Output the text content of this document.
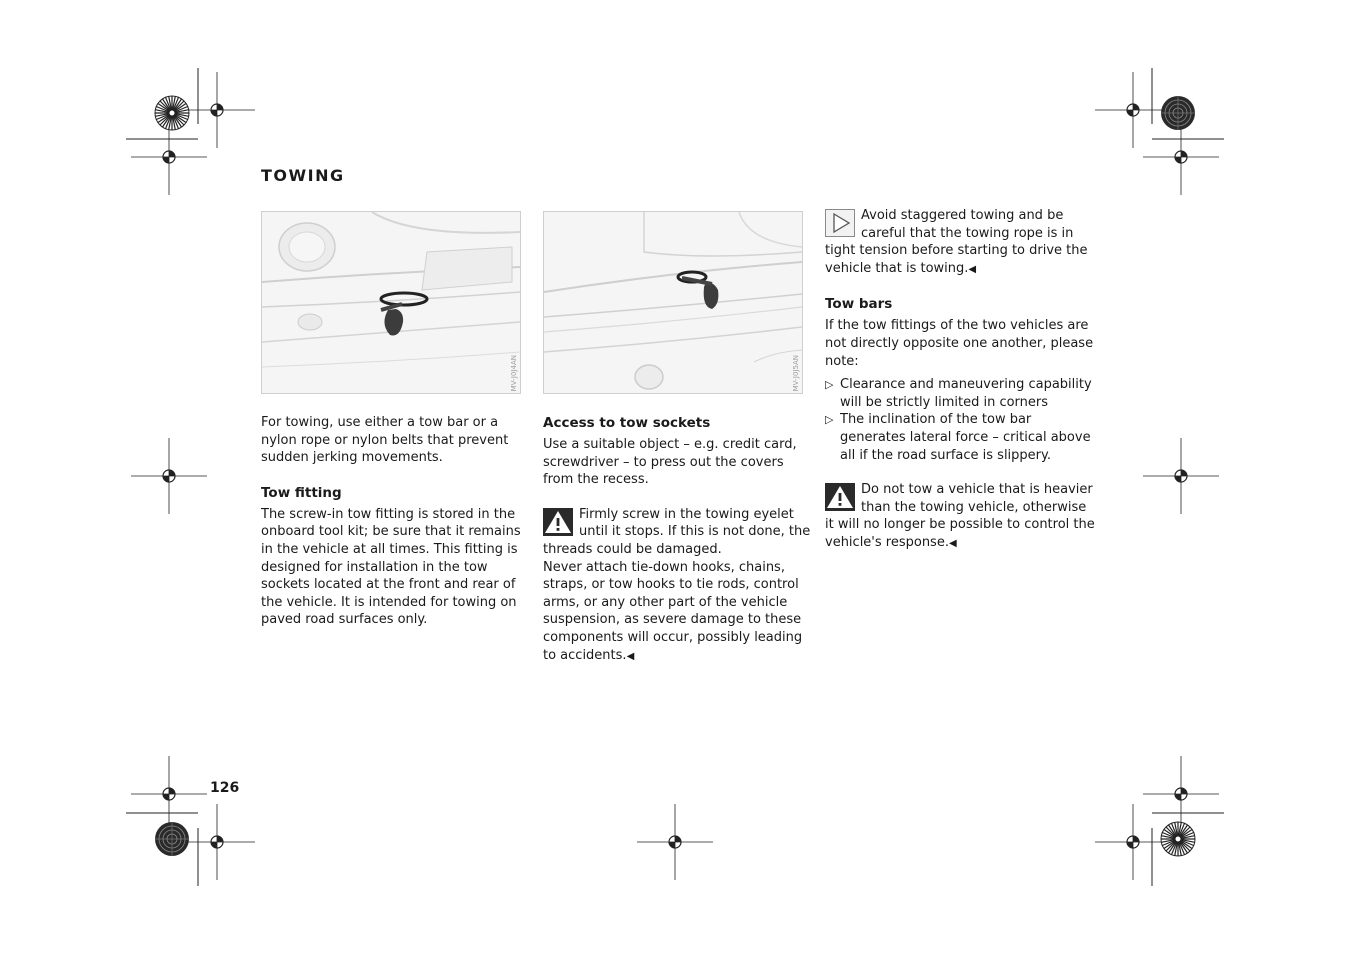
TOWING
MV-J0J4AN	MV-J0J5AN

For towing, use either a tow bar or a nylon rope or nylon belts that prevent sudden jerking movements.

Tow fitting

The screw-in tow fitting is stored in the onboard tool kit; be sure that it remains in the vehicle at all times. This fitting is designed for installation in the tow sockets located at the front and rear of the vehicle. It is intended for towing on paved road surfaces only.

Access to tow sockets

Use a suitable object – e.g. credit card, screwdriver – to press out the covers from the recess.

Firmly screw in the towing eyelet until it stops. If this is not done, the threads could be damaged.

Never attach tie-down hooks, chains, straps, or tow hooks to tie rods, control arms, or any other part of the vehicle suspension, as severe damage to these components will occur, possibly leading to accidents.◀

Avoid staggered towing and be careful that the towing rope is in tight tension before starting to drive the vehicle that is towing.◀

Tow bars

If the tow fittings of the two vehicles are not directly opposite one another, please note:

▷ Clearance and maneuvering capability will be strictly limited in corners
▷ The inclination of the tow bar generates lateral force – critical above all if the road surface is slippery.

Do not tow a vehicle that is heavier than the towing vehicle, otherwise it will no longer be possible to control the vehicle's response.◀

126
